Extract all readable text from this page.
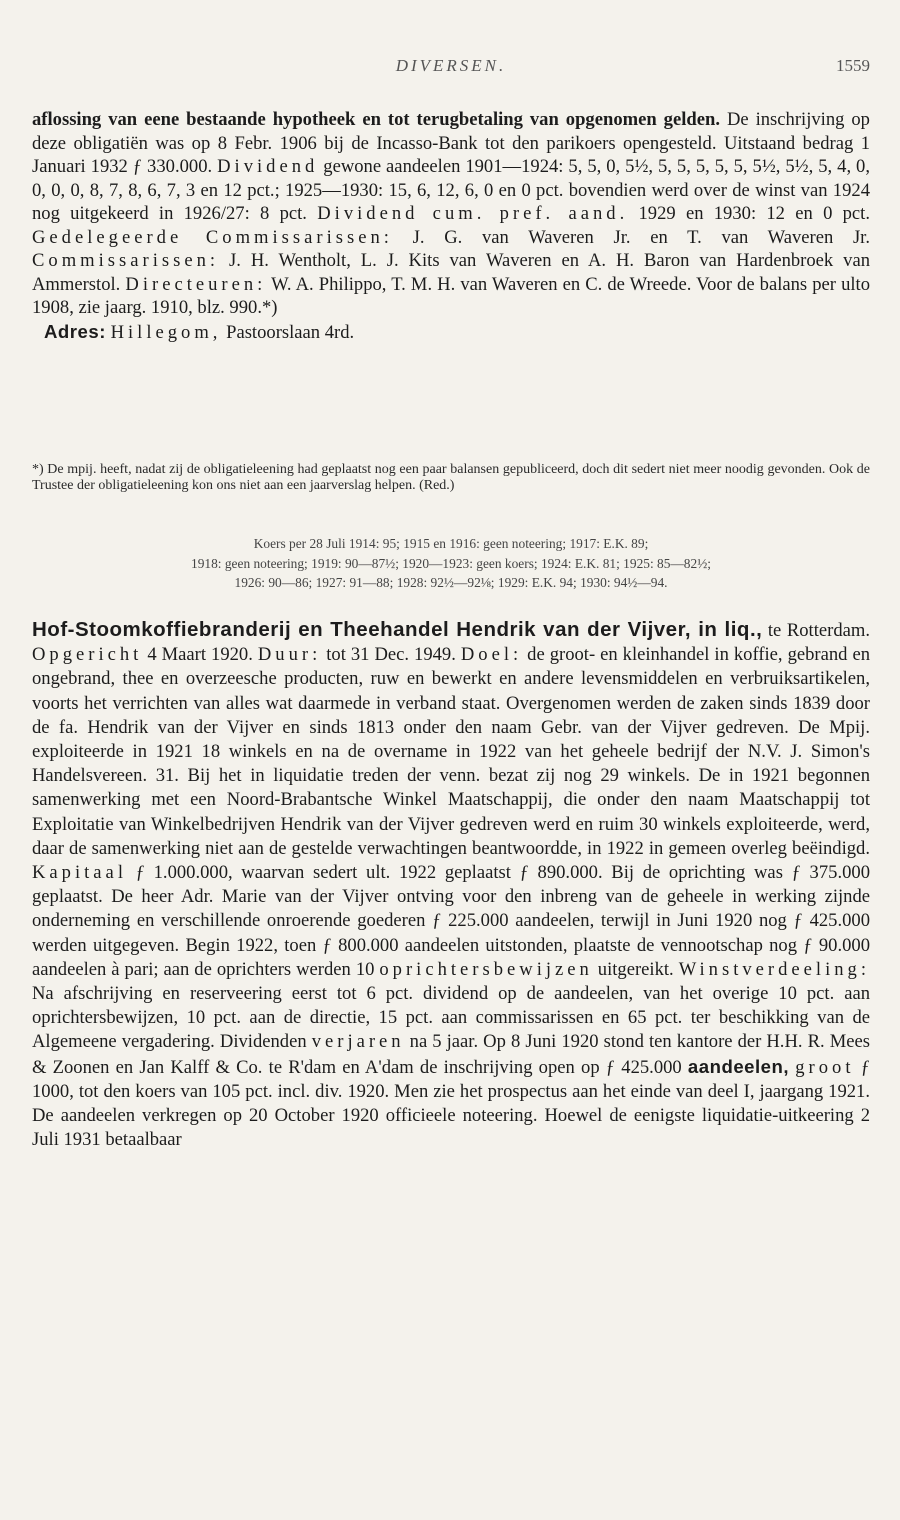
DIVERSEN.	1559
aflossing van eene bestaande hypotheek en tot terugbetaling van opgenomen gelden. De inschrijving op deze obligatiën was op 8 Febr. 1906 bij de Incasso-Bank tot den parikoers opengesteld. Uitstaand bedrag 1 Januari 1932 ƒ 330.000. Dividend gewone aandeelen 1901—1924: 5, 5, 0, 5½, 5, 5, 5, 5, 5, 5½, 5½, 5, 4, 0, 0, 0, 0, 8, 7, 8, 6, 7, 3 en 12 pct.; 1925—1930: 15, 6, 12, 6, 0 en 0 pct. bovendien werd over de winst van 1924 nog uitgekeerd in 1926/27: 8 pct. Dividend cum. pref. aand. 1929 en 1930: 12 en 0 pct. Gedelegeerde Commissarissen: J. G. van Waveren Jr. en T. van Waveren Jr. Commissarissen: J. H. Wentholt, L. J. Kits van Waveren en A. H. Baron van Hardenbroek van Ammerstol. Directeuren: W. A. Philippo, T. M. H. van Waveren en C. de Wreede. Voor de balans per ulto 1908, zie jaarg. 1910, blz. 990.*)
Adres: Hillegom, Pastoorslaan 4rd.
*) De mpij. heeft, nadat zij de obligatieleening had geplaatst nog een paar balansen gepubliceerd, doch dit sedert niet meer noodig gevonden. Ook de Trustee der obligatieleening kon ons niet aan een jaarverslag helpen. (Red.)
Koers per 28 Juli 1914: 95; 1915 en 1916: geen noteering; 1917: E.K. 89;
1918: geen noteering; 1919: 90—87½; 1920—1923: geen koers; 1924: E.K. 81; 1925: 85—82½;
1926: 90—86; 1927: 91—88; 1928: 92½—92⅛; 1929: E.K. 94; 1930: 94½—94.
Hof-Stoomkoffiebranderij en Theehandel Hendrik van der Vijver, in liq., te Rotterdam. Opgericht 4 Maart 1920. Duur: tot 31 Dec. 1949. Doel: de groot- en kleinhandel in koffie, gebrand en ongebrand, thee en overzeesche producten, ruw en bewerkt en andere levensmiddelen en verbruiksartikelen, voorts het verrichten van alles wat daarmede in verband staat. Overgenomen werden de zaken sinds 1839 door de fa. Hendrik van der Vijver en sinds 1813 onder den naam Gebr. van der Vijver gedreven. De Mpij. exploiteerde in 1921 18 winkels en na de overname in 1922 van het geheele bedrijf der N.V. J. Simon's Handelsvereen. 31. Bij het in liquidatie treden der venn. bezat zij nog 29 winkels. De in 1921 begonnen samenwerking met een Noord-Brabantsche Winkel Maatschappij, die onder den naam Maatschappij tot Exploitatie van Winkelbedrijven Hendrik van der Vijver gedreven werd en ruim 30 winkels exploiteerde, werd, daar de samenwerking niet aan de gestelde verwachtingen beantwoordde, in 1922 in gemeen overleg beëindigd. Kapitaal ƒ 1.000.000, waarvan sedert ult. 1922 geplaatst ƒ 890.000. Bij de oprichting was ƒ 375.000 geplaatst. De heer Adr. Marie van der Vijver ontving voor den inbreng van de geheele in werking zijnde onderneming en verschillende onroerende goederen ƒ 225.000 aandeelen, terwijl in Juni 1920 nog ƒ 425.000 werden uitgegeven. Begin 1922, toen ƒ 800.000 aandeelen uitstonden, plaatste de vennootschap nog ƒ 90.000 aandeelen à pari; aan de oprichters werden 10 oprichtersbewijzen uitgereikt. Winstverdeeling: Na afschrijving en reserveering eerst tot 6 pct. dividend op de aandeelen, van het overige 10 pct. aan oprichtersbewijzen, 10 pct. aan de directie, 15 pct. aan commissarissen en 65 pct. ter beschikking van de Algemeene vergadering. Dividenden verjaren na 5 jaar. Op 8 Juni 1920 stond ten kantore der H.H. R. Mees & Zoonen en Jan Kalff & Co. te R'dam en A'dam de inschrijving open op ƒ 425.000 aandeelen, groot ƒ 1000, tot den koers van 105 pct. incl. div. 1920. Men zie het prospectus aan het einde van deel I, jaargang 1921. De aandeelen verkregen op 20 October 1920 officieele noteering. Hoewel de eenigste liquidatie-uitkeering 2 Juli 1931 betaalbaar
